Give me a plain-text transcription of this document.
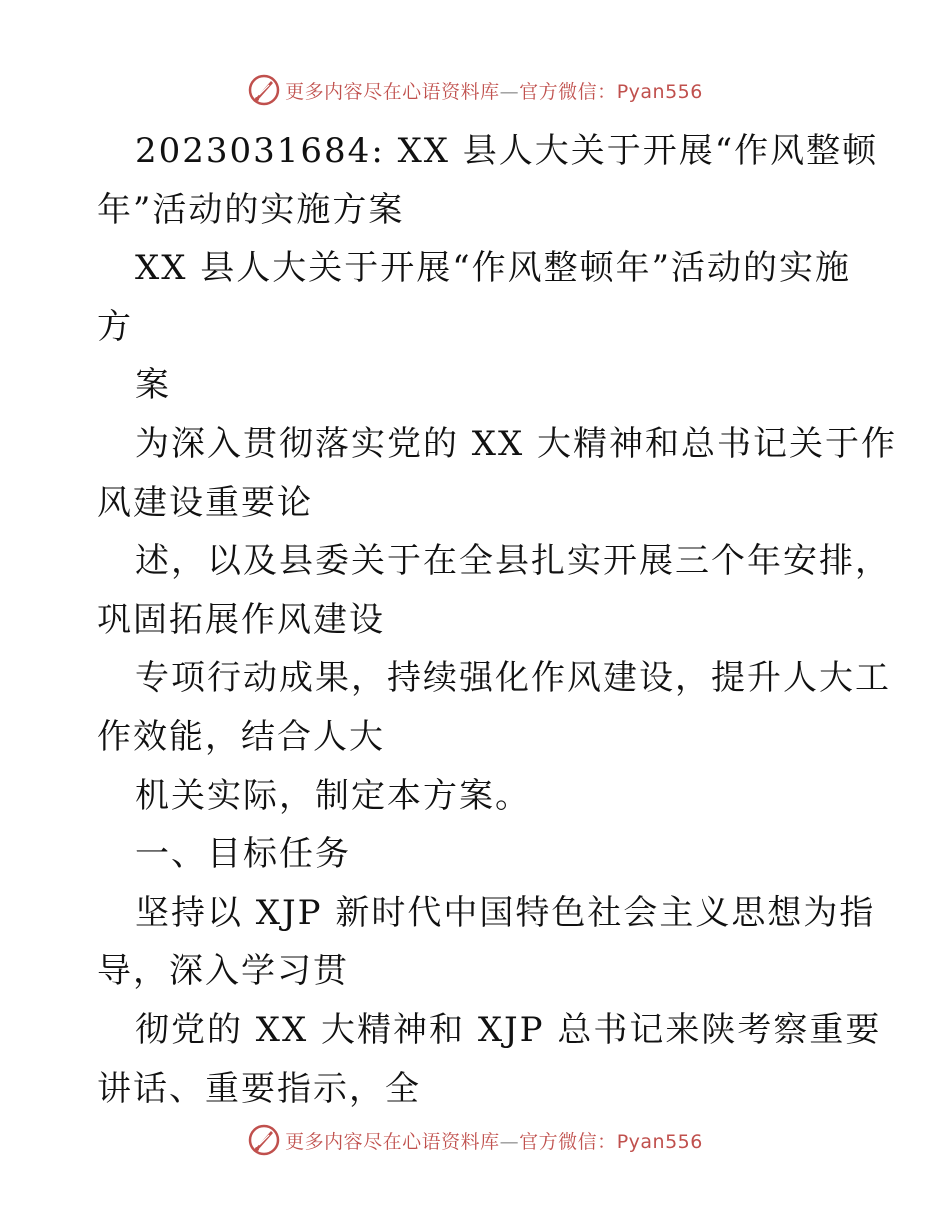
更多内容尽在心语资料库—官方微信：Pyan556
2023031684: XX 县人大关于开展“作风整顿
年”活动的实施方案
XX 县人大关于开展“作风整顿年”活动的实施
方
案
为深入贯彻落实党的 XX 大精神和总书记关于作
风建设重要论
述，以及县委关于在全县扎实开展三个年安排，
巩固拓展作风建设
专项行动成果，持续强化作风建设，提升人大工
作效能，结合人大
机关实际，制定本方案。
一、目标任务
坚持以 XJP 新时代中国特色社会主义思想为指
导，深入学习贯
彻党的 XX 大精神和 XJP 总书记来陕考察重要
讲话、重要指示，全
更多内容尽在心语资料库—官方微信：Pyan556
